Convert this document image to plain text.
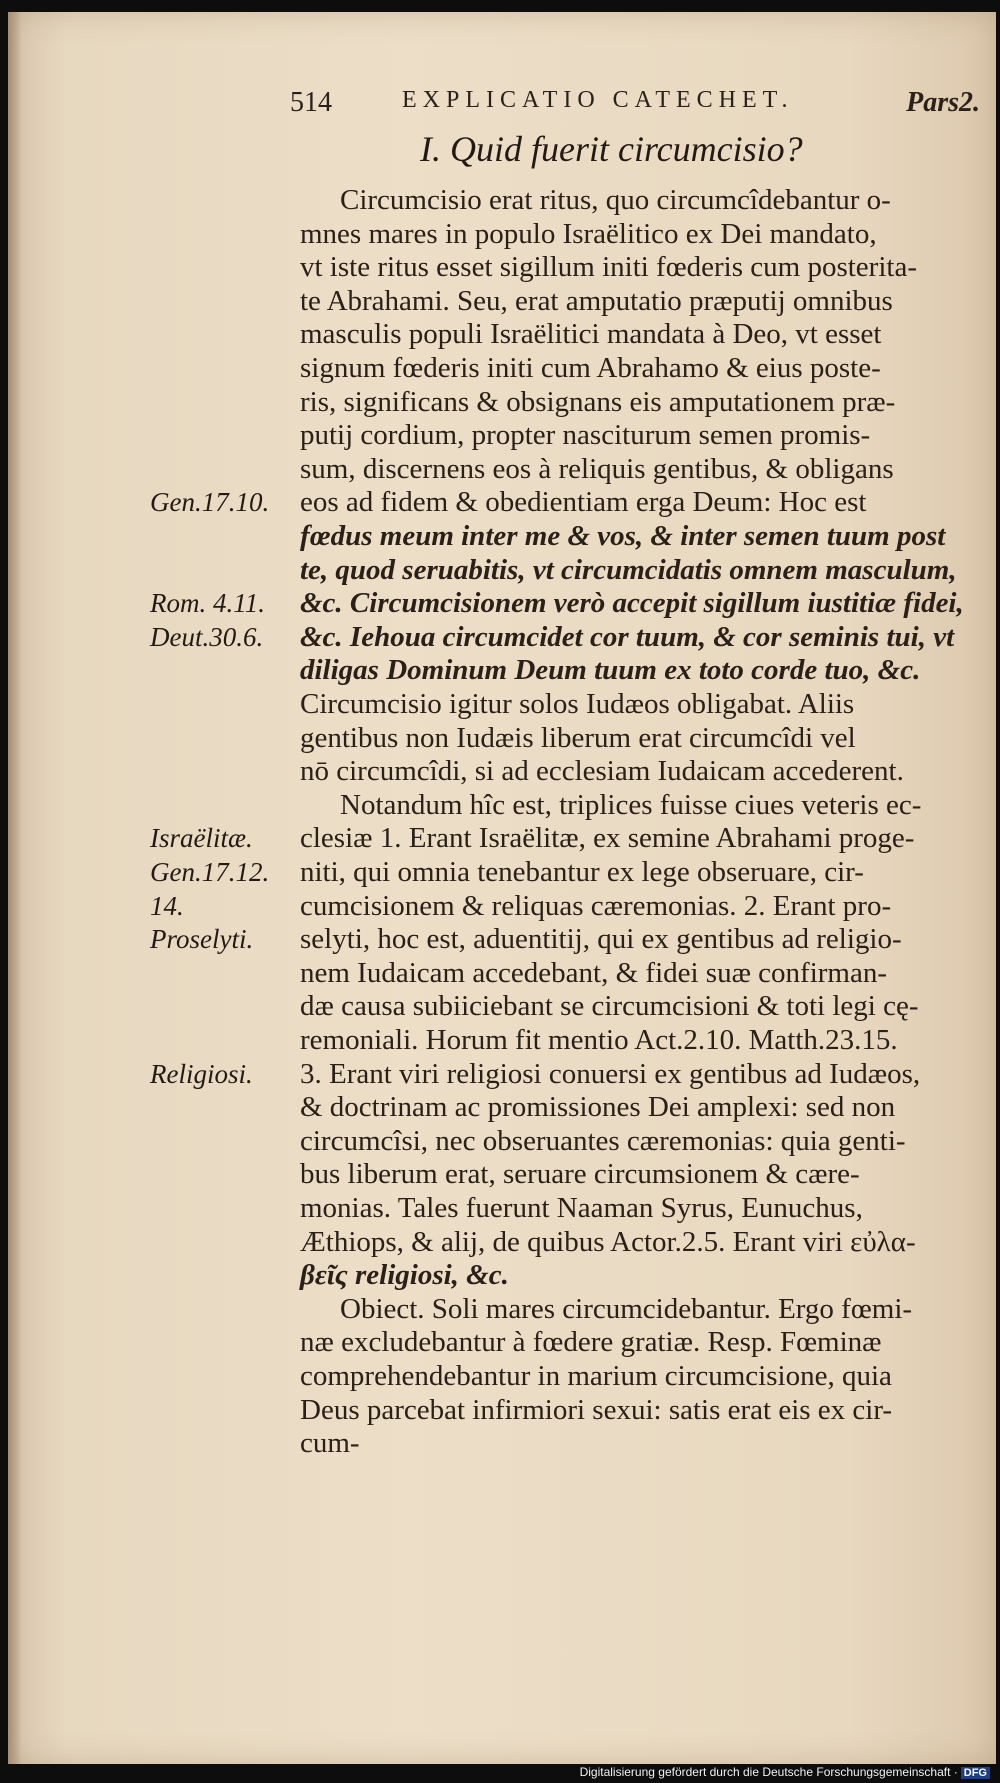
514	EXPLICATIO CATECHET.	Pars2.
I. Quid fuerit circumcisio?
Circumcisio erat ritus, quo circumcîdebantur o-
mnes mares in populo Israëlitico ex Dei mandato,
vt iste ritus esset sigillum initi fœderis cum posterita-
te Abrahami. Seu, erat amputatio præputij omnibus
masculis populi Israëlitici mandata à Deo, vt esset
signum fœderis initi cum Abrahamo & eius poste-
ris, significans & obsignans eis amputationem præ-
putij cordium, propter nasciturum semen promis-
sum, discernens eos à reliquis gentibus, & obligans
eos ad fidem & obedientiam erga Deum: Hoc est
fœdus meum inter me & vos, & inter semen tuum post
te, quod seruabitis, vt circumcidatis omnem masculum,
&c. Circumcisionem verò accepit sigillum iustitiæ fidei,
&c. Iehoua circumcidet cor tuum, & cor seminis tui, vt
diligas Dominum Deum tuum ex toto corde tuo, &c.
Circumcisio igitur solos Iudæos obligabat. Aliis
gentibus non Iudæis liberum erat circumcîdi vel
nō circumcîdi, si ad ecclesiam Iudaicam accederent.
Notandum hîc est, triplices fuisse ciues veteris ec-
clesiæ 1. Erant Israëlitæ, ex semine Abrahami proge-
niti, qui omnia tenebantur ex lege obseruare, cir-
cumcisionem & reliquas cæremonias. 2. Erant pro-
selyti, hoc est, aduentitij, qui ex gentibus ad religio-
nem Iudaicam accedebant, & fidei suæ confirman-
dæ causa subiiciebant se circumcisioni & toti legi cę-
remoniali. Horum fit mentio Act.2.10. Matth.23.15.
3. Erant viri religiosi conuersi ex gentibus ad Iudæos,
& doctrinam ac promissiones Dei amplexi: sed non
circumcîsi, nec obseruantes cæremonias: quia genti-
bus liberum erat, seruare circumsionem & cære-
monias. Tales fuerunt Naaman Syrus, Eunuchus,
Æthiops, & alij, de quibus Actor.2.5. Erant viri εὐλα-
βεῖς religiosi, &c.
Obiect. Soli mares circumcidebantur. Ergo fœmi-
næ excludebantur à fœdere gratiæ. Resp. Fœminæ
comprehendebantur in marium circumcisione, quia
Deus parcebat infirmiori sexui: satis erat eis ex cir-
cum-
Gen.17.10.
Rom. 4.11.
Deut.30.6.
Israëlitæ.
Gen.17.12.
14.
Proselyti.
Religiosi.
Digitalisierung gefördert durch die Deutsche Forschungsgemeinschaft · DFG
